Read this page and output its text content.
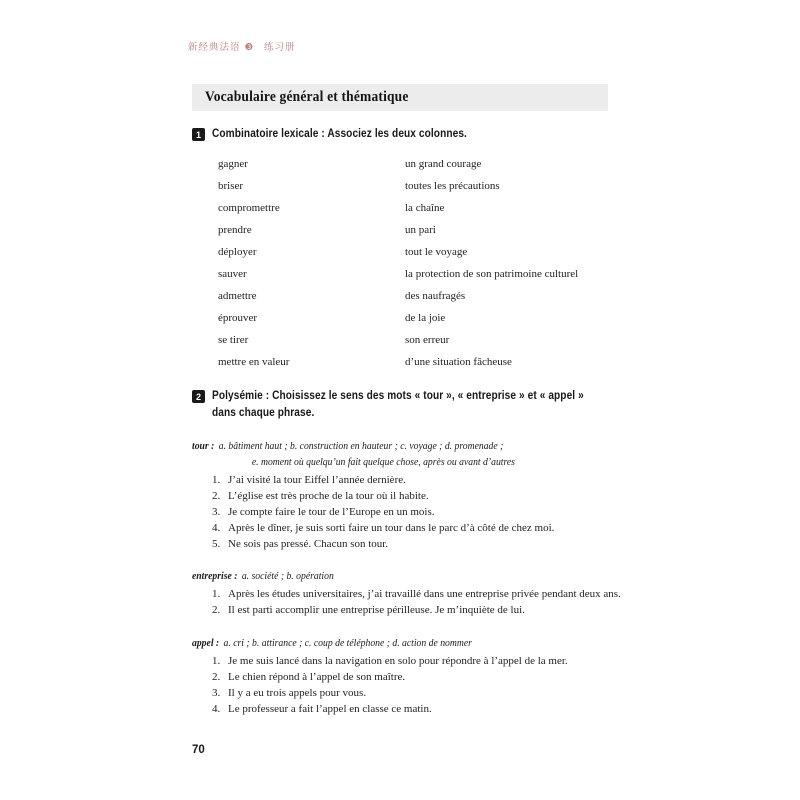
新经典法语 ❸ 练习册
Vocabulaire général et thématique
1 Combinatoire lexicale : Associez les deux colonnes.
gagner	un grand courage
briser	toutes les précautions
compromettre	la chaîne
prendre	un pari
déployer	tout le voyage
sauver	la protection de son patrimoine culturel
admettre	des naufragés
éprouver	de la joie
se tirer	son erreur
mettre en valeur	d’une situation fâcheuse
2 Polysémie : Choisissez le sens des mots « tour », « entreprise » et « appel »
dans chaque phrase.
tour : a. bâtiment haut ; b. construction en hauteur ; c. voyage ; d. promenade ;
e. moment où quelqu’un fait quelque chose, après ou avant d’autres
1. J’ai visité la tour Eiffel l’année dernière.
2. L’église est très proche de la tour où il habite.
3. Je compte faire le tour de l’Europe en un mois.
4. Après le dîner, je suis sorti faire un tour dans le parc d’à côté de chez moi.
5. Ne sois pas pressé. Chacun son tour.
entreprise : a. société ; b. opération
1. Après les études universitaires, j’ai travaillé dans une entreprise privée pendant deux ans.
2. Il est parti accomplir une entreprise périlleuse. Je m’inquiète de lui.
appel : a. cri ; b. attirance ; c. coup de téléphone ; d. action de nommer
1. Je me suis lancé dans la navigation en solo pour répondre à l’appel de la mer.
2. Le chien répond à l’appel de son maître.
3. Il y a eu trois appels pour vous.
4. Le professeur a fait l’appel en classe ce matin.
70
